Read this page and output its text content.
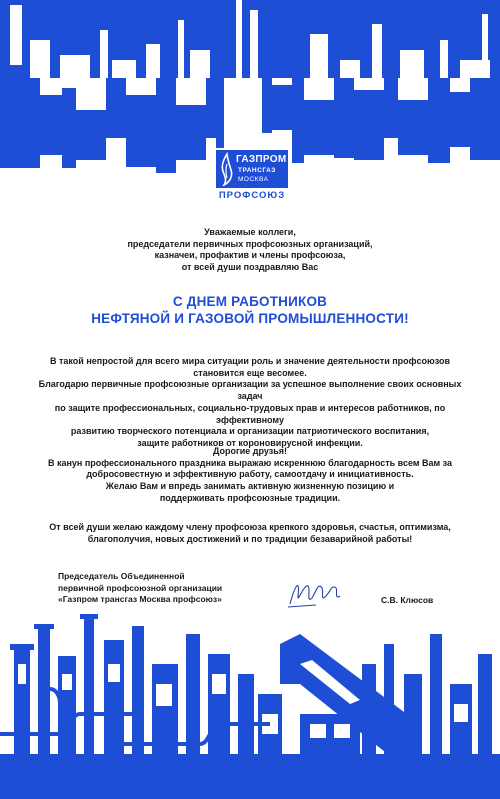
ГАЗПРОМ
ТРАНСГАЗ
МОСКВА
ПРОФСОЮЗ

Уважаемые коллеги,

председатели первичных профсоюзных организаций,

казначеи, профактив и члены профсоюза,

от всей души поздравляю Вас

С ДНЕМ РАБОТНИКОВ

НЕФТЯНОЙ И ГАЗОВОЙ ПРОМЫШЛЕННОСТИ!

В такой непростой для всего мира ситуации роль и значение деятельности профсоюзов

становится еще весомее.

Благодарю первичные профсоюзные организации за успешное выполнение своих основных задач

по защите профессиональных, социально-трудовых прав и интересов работников, по эффективному

развитию творческого потенциала и организации патриотического воспитания,

защите работников от короновирусной инфекции.

Дорогие друзья!

В канун профессионального праздника выражаю искреннюю благодарность всем Вам за

добросовестную и эффективную работу, самоотдачу и инициативность.

Желаю Вам и впредь занимать активную жизненную позицию и

поддерживать профсоюзные традиции.

От всей души желаю каждому члену профсоюза крепкого здоровья, счастья, оптимизма,

благополучия, новых достижений и по традиции безаварийной работы!

Председатель Объединенной

первичной профсоюзной организации

«Газпром трансгаз Москва профсоюз»	С.В. Клюсов
